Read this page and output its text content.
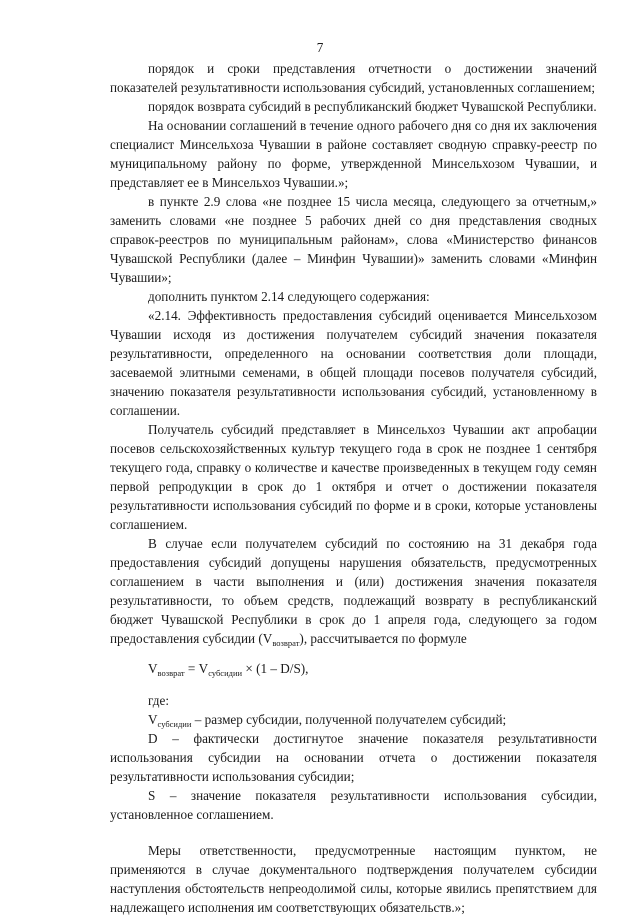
7

порядок и сроки представления отчетности о достижении значений показателей результативности использования субсидий, установленных соглашением;

порядок возврата субсидий в республиканский бюджет Чувашской Республики.

На основании соглашений в течение одного рабочего дня со дня их заключения специалист Минсельхоза Чувашии в районе составляет сводную справку-реестр по муниципальному району по форме, утвержденной Минсельхозом Чувашии, и представляет ее в Минсельхоз Чувашии.»;

в пункте 2.9 слова «не позднее 15 числа месяца, следующего за отчетным,» заменить словами «не позднее 5 рабочих дней со дня представления сводных справок-реестров по муниципальным районам», слова «Министерство финансов Чувашской Республики (далее – Минфин Чувашии)» заменить словами «Минфин Чувашии»;

дополнить пунктом 2.14 следующего содержания:

«2.14. Эффективность предоставления субсидий оценивается Минсельхозом Чувашии исходя из достижения получателем субсидий значения показателя результативности, определенного на основании соответствия доли площади, засеваемой элитными семенами, в общей площади посевов получателя субсидий, значению показателя результативности использования субсидий, установленному в соглашении.

Получатель субсидий представляет в Минсельхоз Чувашии акт апробации посевов сельскохозяйственных культур текущего года в срок не позднее 1 сентября текущего года, справку о количестве и качестве произведенных в текущем году семян первой репродукции в срок до 1 октября и отчет о достижении показателя результативности использования субсидий по форме и в сроки, которые установлены соглашением.

В случае если получателем субсидий по состоянию на 31 декабря года предоставления субсидий допущены нарушения обязательств, предусмотренных соглашением в части выполнения и (или) достижения значения показателя результативности, то объем средств, подлежащий возврату в республиканский бюджет Чувашской Республики в срок до 1 апреля года, следующего за годом предоставления субсидии $(V_{возврат})$, рассчитывается по формуле

$V_{возврат} = V_{субсидии} \times (1 - D/S)$,

где:

$V_{субсидии}$ – размер субсидии, полученной получателем субсидий;

D – фактически достигнутое значение показателя результативности использования субсидии на основании отчета о достижении показателя результативности использования субсидии;

S – значение показателя результативности использования субсидии, установленное соглашением.

Меры ответственности, предусмотренные настоящим пунктом, не применяются в случае документального подтверждения получателем субсидии наступления обстоятельств непреодолимой силы, которые явились препятствием для надлежащего исполнения им соответствующих обязательств.»;
